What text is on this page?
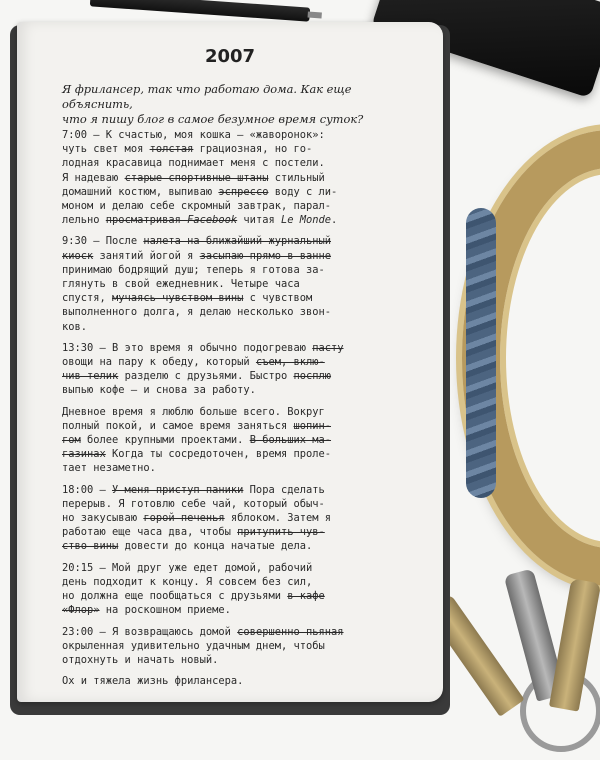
2007
Я фрилансер, так что работаю дома. Как еще объяснить,
что я пишу блог в самое безумное время суток?

7:00 – К счастью, моя кошка – «жаворонок»:

чуть свет моя толстая грациозная, но го-

лодная красавица поднимает меня с постели.

Я надеваю старые спортивные штаны стильный

домашний костюм, выпиваю эспрессо воду с ли-

моном и делаю себе скромный завтрак, парал-

лельно просматривая Facebook читая Le Monde.

9:30 – После налета на ближайший журнальный

киоск занятий йогой я засыпаю прямо в ванне

принимаю бодрящий душ; теперь я готова за-

глянуть в свой ежедневник. Четыре часа

спустя, мучаясь чувством вины с чувством

выполненного долга, я делаю несколько звон-

ков.

13:30 – В это время я обычно подогреваю пасту

овощи на пару к обеду, который съем, вклю-

чив телик разделю с друзьями. Быстро посплю

выпью кофе – и снова за работу.

Дневное время я люблю больше всего. Вокруг

полный покой, и самое время заняться шопин-

гом более крупными проектами. В больших ма-

газинах Когда ты сосредоточен, время проле-

тает незаметно.

18:00 – У меня приступ паники Пора сделать

перерыв. Я готовлю себе чай, который обыч-

но закусываю горой печенья яблоком. Затем я

работаю еще часа два, чтобы притупить чув-

ство вины довести до конца начатые дела.

20:15 – Мой друг уже едет домой, рабочий

день подходит к концу. Я совсем без сил,

но должна еще пообщаться с друзьями в кафе

«Флор» на роскошном приеме.

23:00 – Я возвращаюсь домой совершенно пьяная

окрыленная удивительно удачным днем, чтобы

отдохнуть и начать новый.

Ох и тяжела жизнь фрилансера.
